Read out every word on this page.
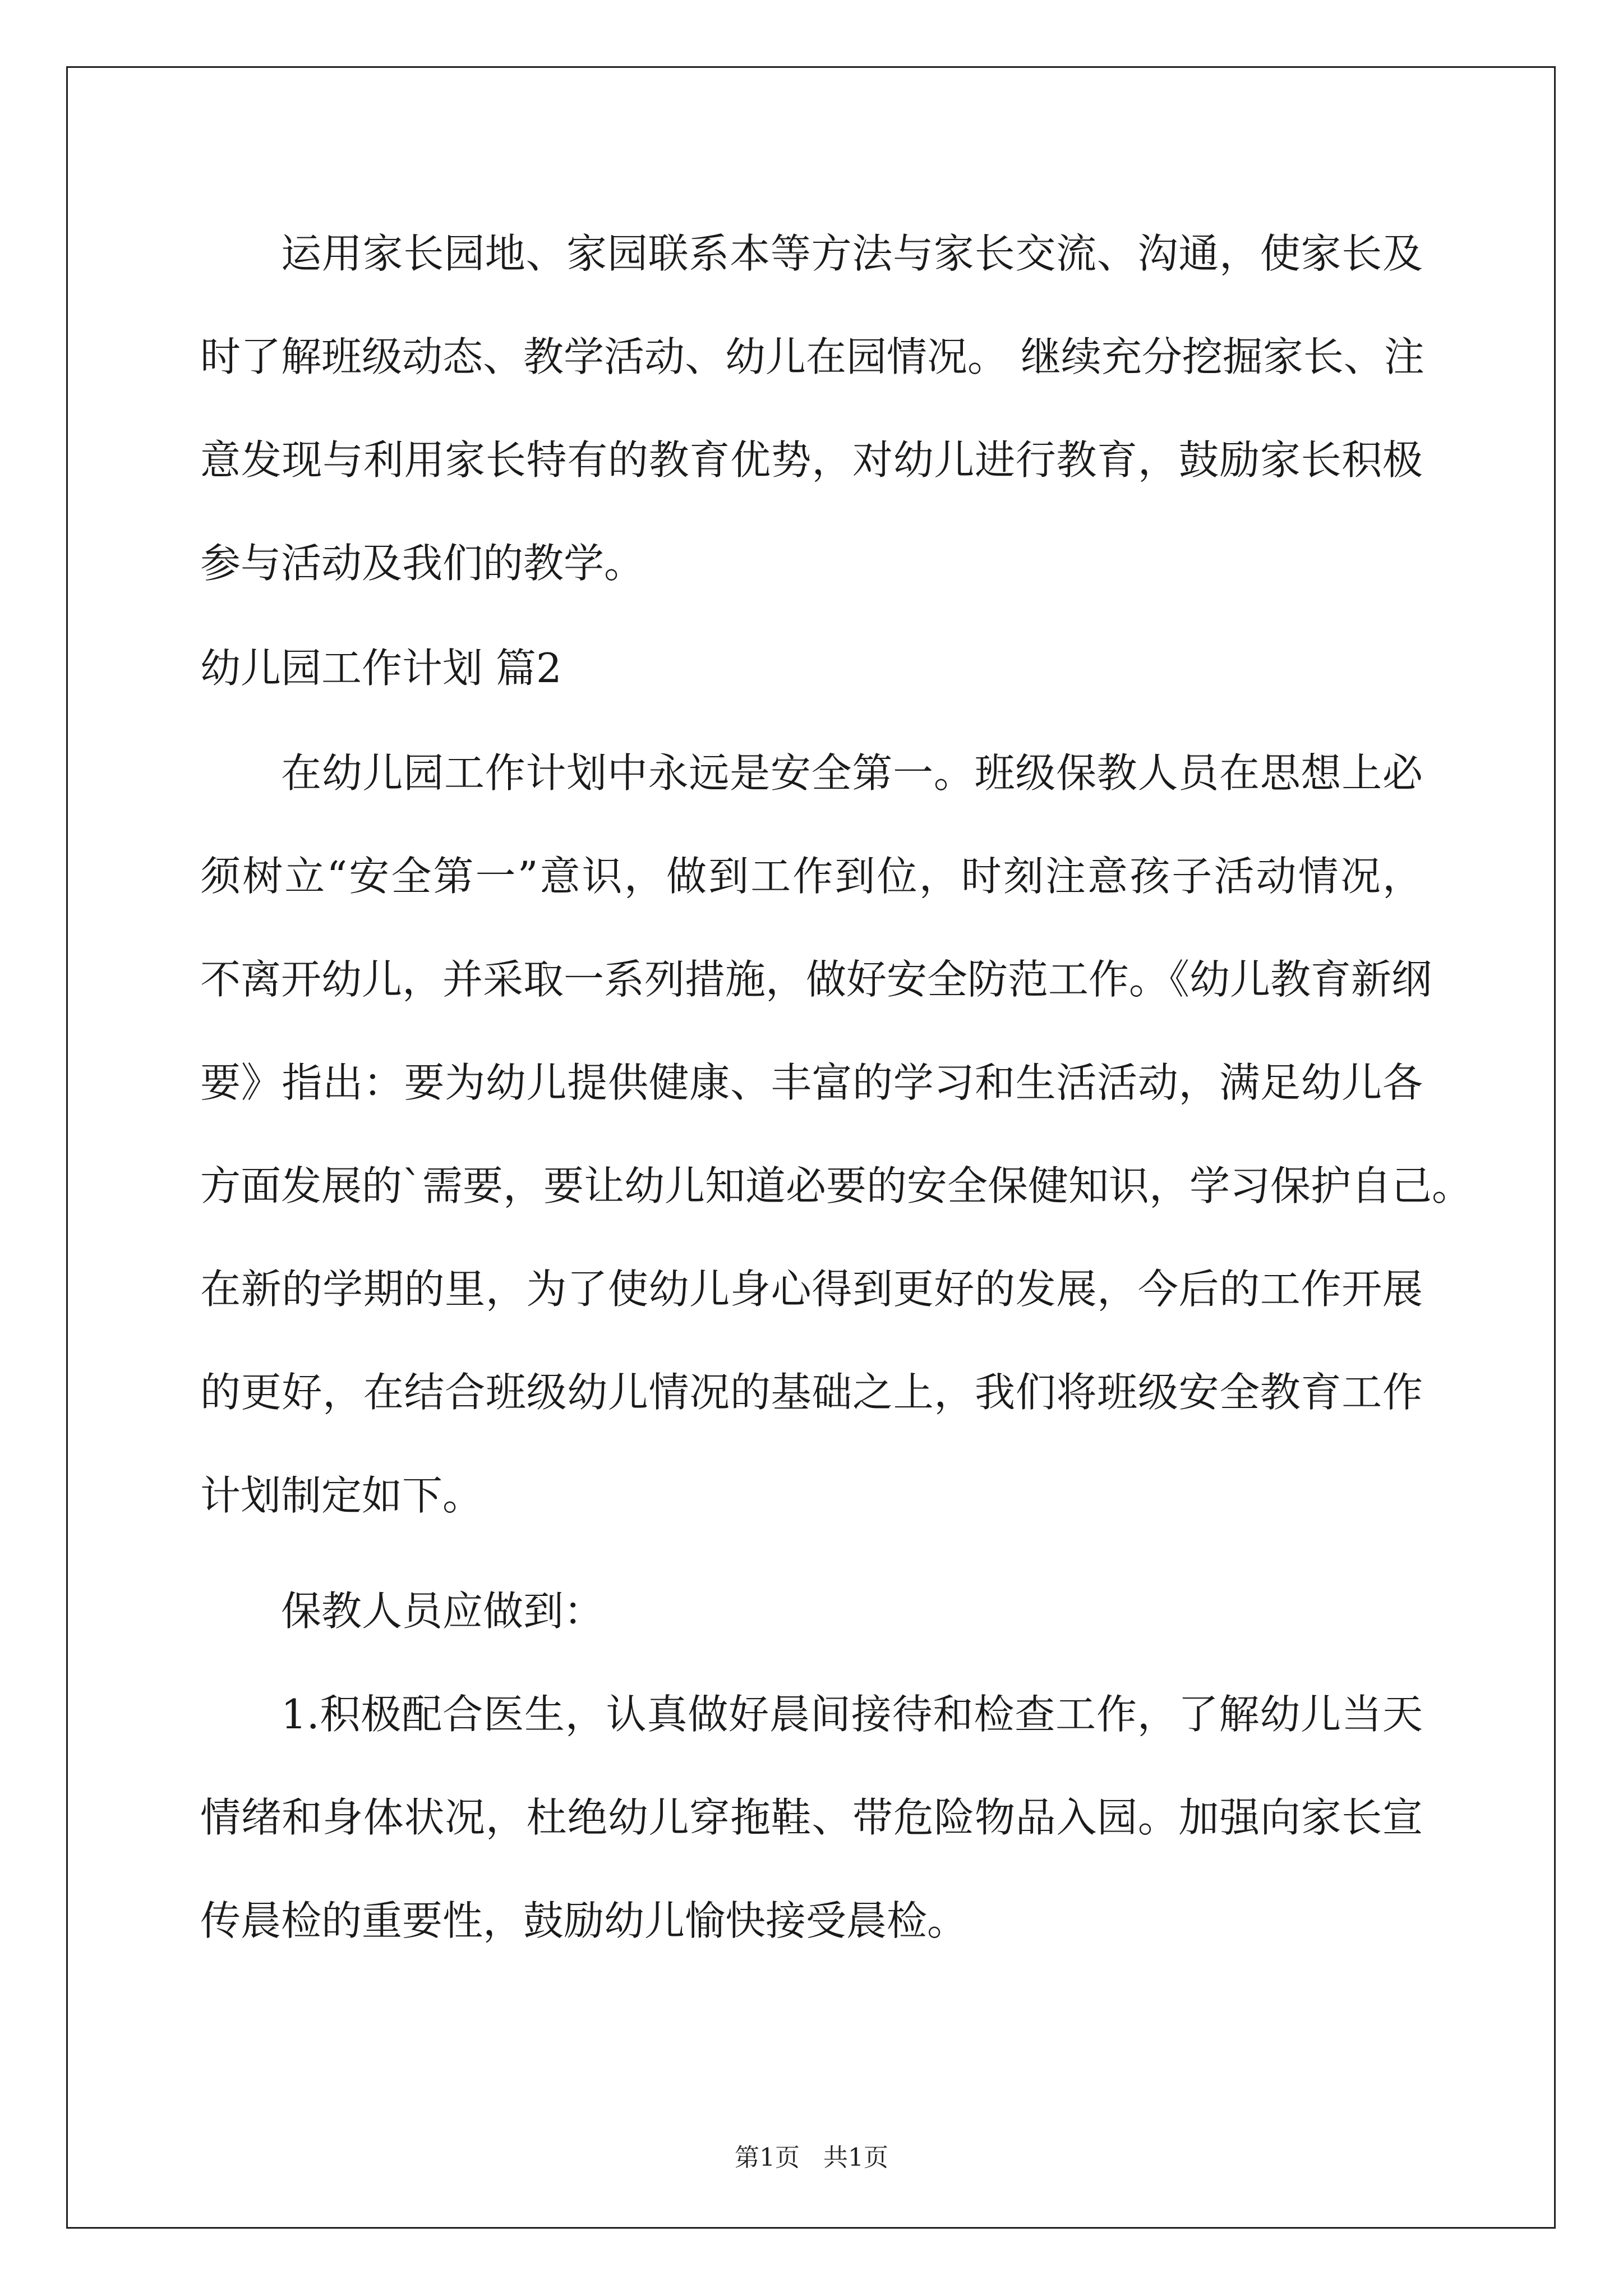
运用家长园地、家园联系本等方法与家长交流、沟通，使家长及
时了解班级动态、教学活动、幼儿在园情况。 继续充分挖掘家长、注
意发现与利用家长特有的教育优势，对幼儿进行教育，鼓励家长积极
参与活动及我们的教学。
幼儿园工作计划 篇2
在幼儿园工作计划中永远是安全第一。班级保教人员在思想上必
须树立“安全第一”意识，做到工作到位，时刻注意孩子活动情况，
不离开幼儿，并采取一系列措施，做好安全防范工作。《幼儿教育新纲
要》指出：要为幼儿提供健康、丰富的学习和生活活动，满足幼儿各
方面发展的`需要，要让幼儿知道必要的安全保健知识，学习保护自己。
在新的学期的里，为了使幼儿身心得到更好的发展，今后的工作开展
的更好，在结合班级幼儿情况的基础之上，我们将班级安全教育工作
计划制定如下。
保教人员应做到：
1.积极配合医生，认真做好晨间接待和检查工作，了解幼儿当天
情绪和身体状况，杜绝幼儿穿拖鞋、带危险物品入园。加强向家长宣
传晨检的重要性，鼓励幼儿愉快接受晨检。
第1页   共1页
